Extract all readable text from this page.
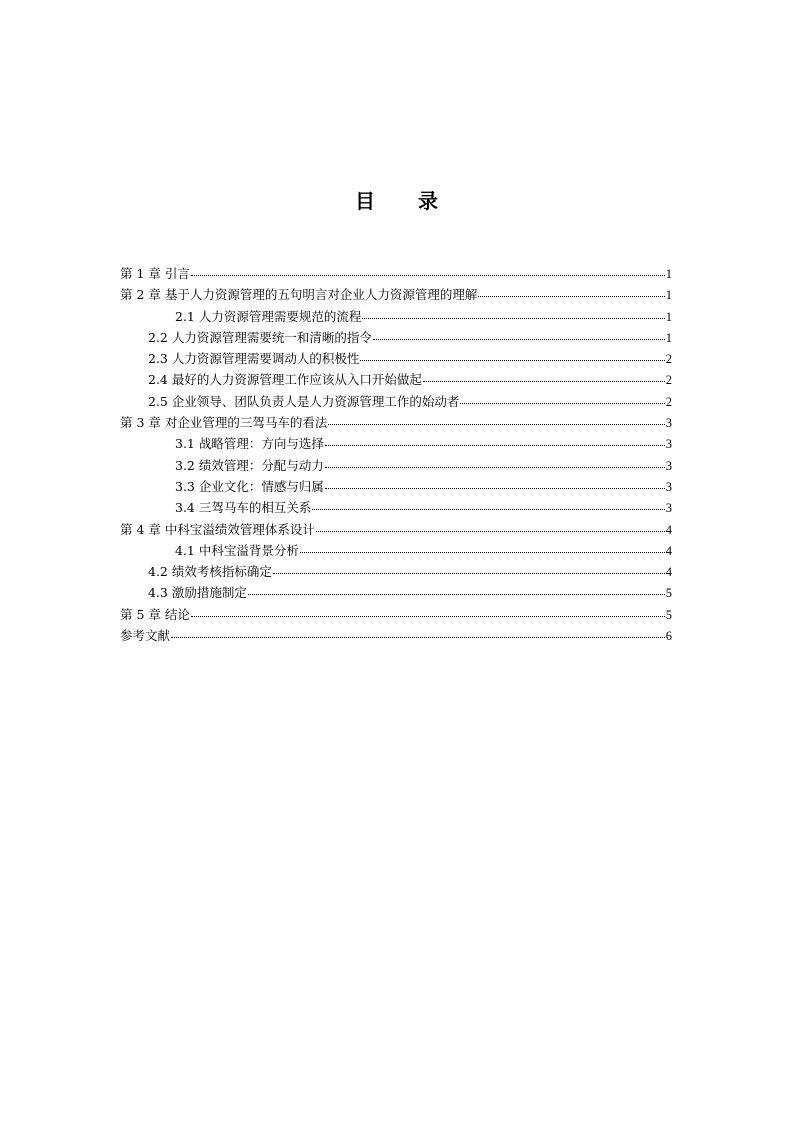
目 录
第 1 章 引言	1
第 2 章 基于人力资源管理的五句明言对企业人力资源管理的理解	1
2.1 人力资源管理需要规范的流程	1
2.2 人力资源管理需要统一和清晰的指令	1
2.3 人力资源管理需要调动人的积极性	2
2.4 最好的人力资源管理工作应该从入口开始做起	2
2.5 企业领导、团队负责人是人力资源管理工作的始动者	2
第 3 章 对企业管理的三驾马车的看法	3
3.1 战略管理：方向与选择	3
3.2 绩效管理：分配与动力	3
3.3 企业文化：情感与归属	3
3.4 三驾马车的相互关系	3
第 4 章 中科宝溢绩效管理体系设计	4
4.1 中科宝溢背景分析	4
4.2 绩效考核指标确定	4
4.3 激励措施制定	5
第 5 章 结论	5
参考文献	6
